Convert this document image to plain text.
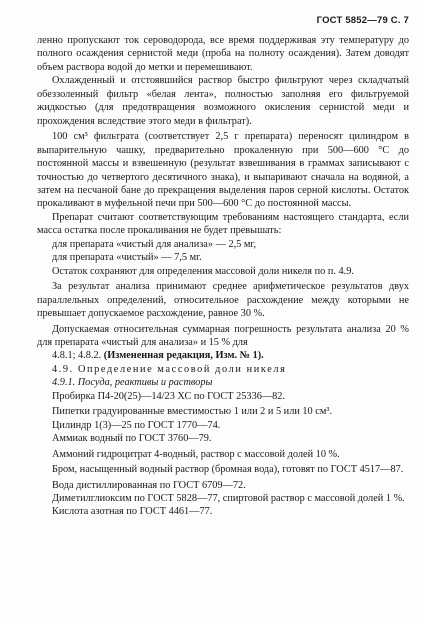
ГОСТ 5852—79 С. 7

ленно пропускают ток сероводорода, все время поддерживая эту температуру до полного осаждения сернистой меди (проба на полноту осаждения). Затем доводят объем раствора водой до метки и перемешивают.

Охлажденный и отстоявшийся раствор быстро фильтруют через складчатый обеззоленный фильтр «белая лента», полностью заполняя его фильтруемой жидкостью (для предотвращения возможного окисления сернистой меди и прохождения вследствие этого меди в фильтрат).

100 см³ фильтрата (соответствует 2,5 г препарата) переносят цилиндром в выпарительную чашку, предварительно прокаленную при 500—600 °С до постоянной массы и взвешенную (результат взвешивания в граммах записывают с точностью до четвертого десятичного знака), и выпаривают сначала на водяной, а затем на песчаной бане до прекращения выделения паров серной кислоты. Остаток прокаливают в муфельной печи при 500—600 °С до постоянной массы.

Препарат считают соответствующим требованиям настоящего стандарта, если масса остатка после прокаливания не будет превышать:

для препарата «чистый для анализа» — 2,5 мг,

для препарата «чистый» — 7,5 мг.

Остаток сохраняют для определения массовой доли никеля по п. 4.9.

За результат анализа принимают среднее арифметическое результатов двух параллельных определений, относительное расхождение между которыми не превышает допускаемое расхождение, равное 30 %.

Допускаемая относительная суммарная погрешность результата анализа 20 % для препарата «чистый для анализа» и 15 % для

4.8.1; 4.8.2. (Измененная редакция, Изм. № 1).

4.9. Определение массовой доли никеля

4.9.1. Посуда, реактивы и растворы

Пробирка П4-20(25)—14/23 ХС по ГОСТ 25336—82.

Пипетки градуированные вместимостью 1 или 2 и 5 или 10 см³.

Цилиндр 1(3)—25 по ГОСТ 1770—74.

Аммиак водный по ГОСТ 3760—79.

Аммоний гидроцитрат 4-водный, раствор с массовой долей 10 %.

Бром, насыщенный водный раствор (бромная вода), готовят по ГОСТ 4517—87.

Вода дистиллированная по ГОСТ 6709—72.

Диметилглиоксим по ГОСТ 5828—77, спиртовой раствор с массовой долей 1 %.

Кислота азотная по ГОСТ 4461—77.
